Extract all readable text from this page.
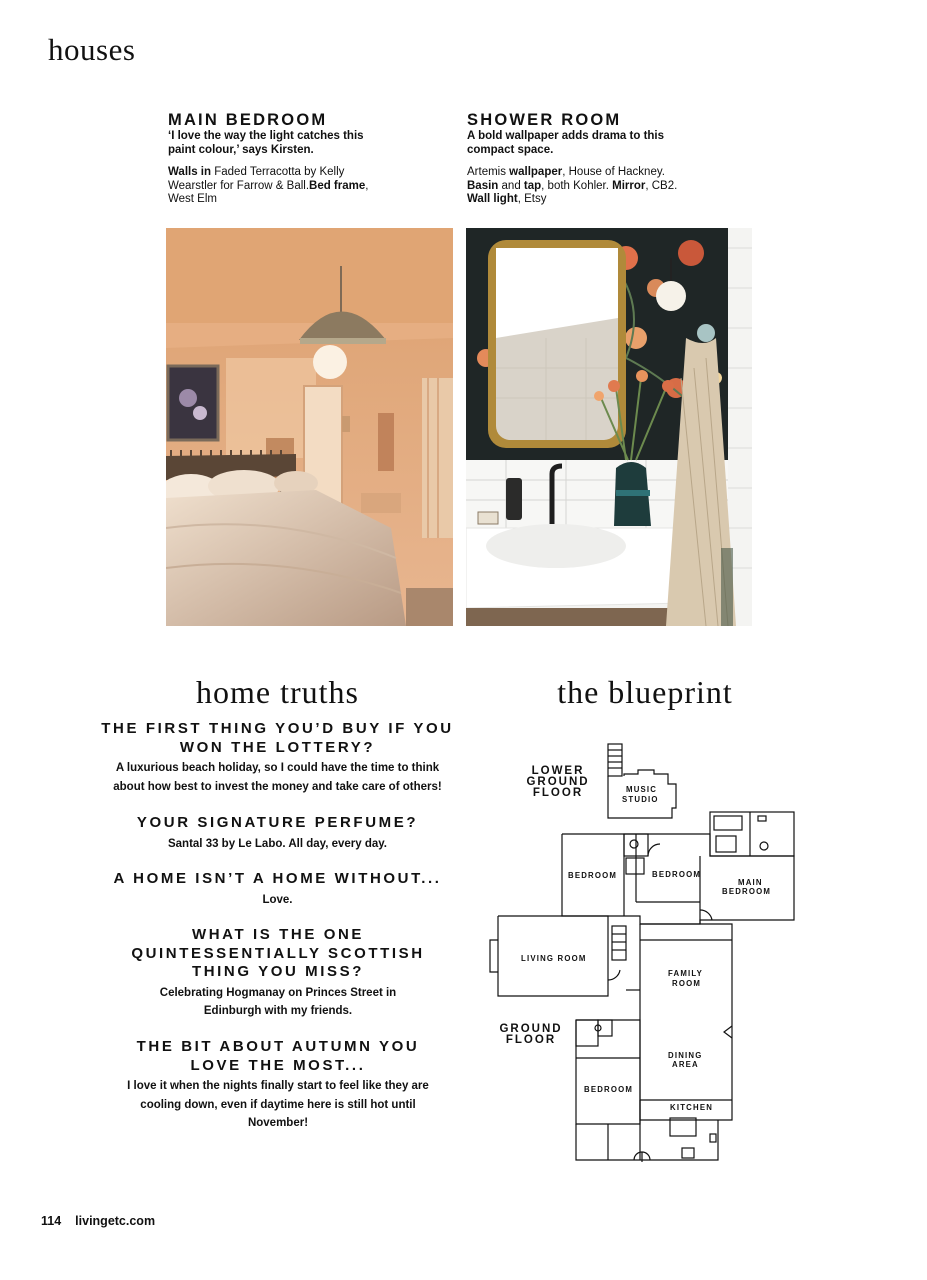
houses
MAIN BEDROOM

‘I love the way the light catches this paint colour,’ says Kirsten.

Walls in Faded Terracotta by Kelly Wearstler for Farrow & Ball.Bed frame, West Elm

SHOWER ROOM

A bold wallpaper adds drama to this compact space.

Artemis wallpaper, House of Hackney. Basin and tap, both Kohler. Mirror, CB2. Wall light, Etsy

home truths

THE FIRST THING YOU’D BUY IF YOU WON THE LOTTERY?

A luxurious beach holiday, so I could have the time to think about how best to invest the money and take care of others!

YOUR SIGNATURE PERFUME?

Santal 33 by Le Labo. All day, every day.

A HOME ISN’T A HOME WITHOUT...

Love.

WHAT IS THE ONE QUINTESSENTIALLY SCOTTISH THING YOU MISS?

Celebrating Hogmanay on Princes Street in Edinburgh with my friends.

THE BIT ABOUT AUTUMN YOU LOVE THE MOST...

I love it when the nights finally start to feel like they are cooling down, even if daytime here is still hot until November!

the blueprint
LOWER GROUND FLOOR
GROUND FLOOR
MUSIC
STUDIO
BEDROOM	BEDROOM
MAIN
BEDROOM
LIVING ROOM
FAMILY
ROOM
DINING
AREA
BEDROOM
KITCHEN
114 livingetc.com
